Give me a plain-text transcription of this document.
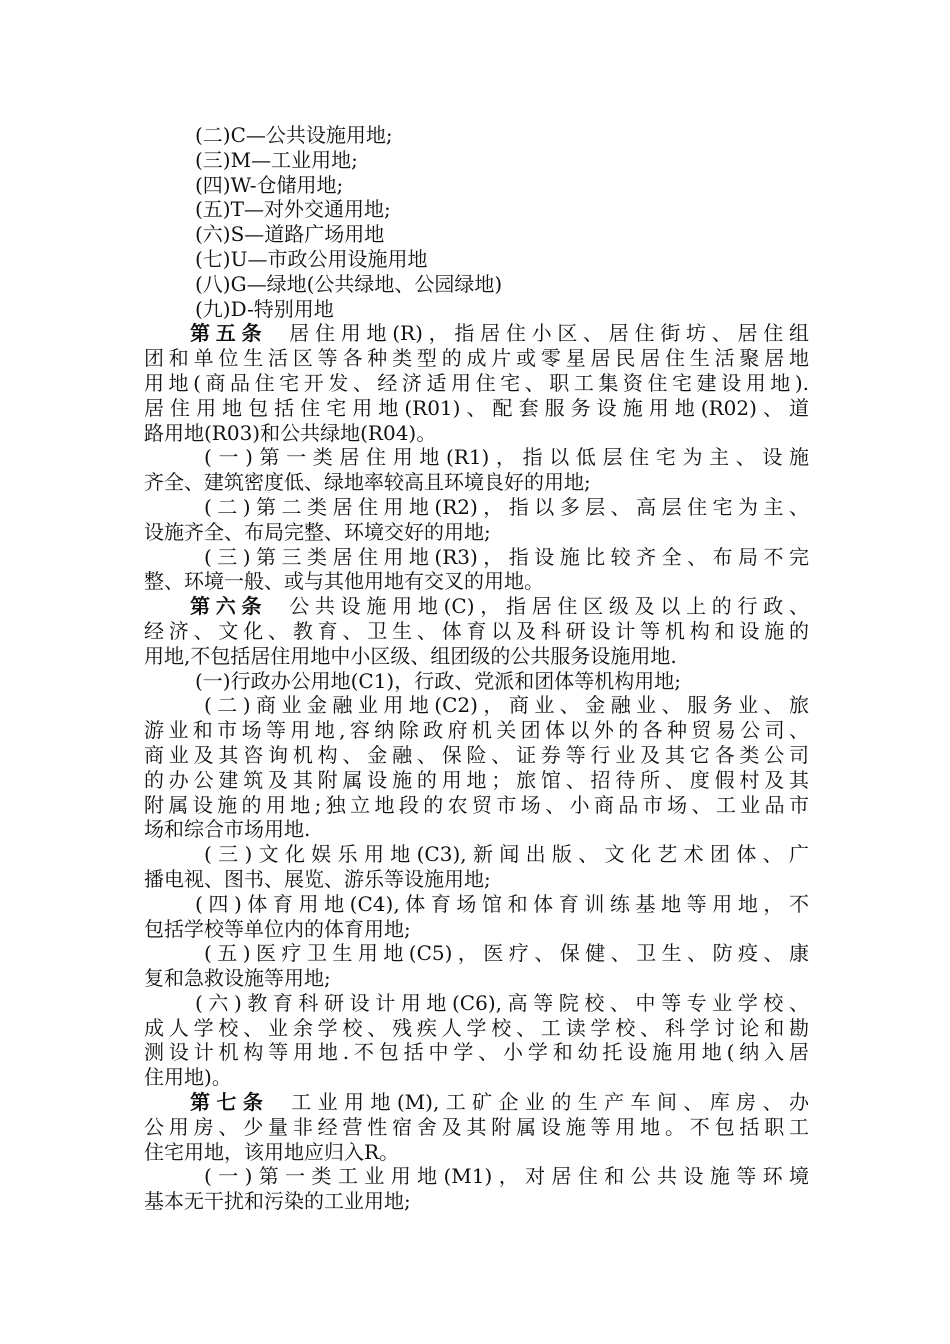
(二)C—公共设施用地;
(三)M—工业用地;
(四)W-仓储用地;
(五)T—对外交通用地;
(六)S—道路广场用地
(七)U—市政公用设施用地
(八)G—绿地(公共绿地、公园绿地)
(九)D-特别用地
第五条 居住用地(R)，指居住小区、居住街坊、居住组
团和单位生活区等各种类型的成片或零星居民居住生活聚居地
用地(商品住宅开发、经济适用住宅、职工集资住宅建设用地).
居住用地包括住宅用地(R01)、配套服务设施用地(R02)、道
路用地(R03)和公共绿地(R04)。
(一)第一类居住用地(R1)，指以低层住宅为主、设施
齐全、建筑密度低、绿地率较高且环境良好的用地;
(二)第二类居住用地(R2)，指以多层、高层住宅为主、
设施齐全、布局完整、环境交好的用地;
(三)第三类居住用地(R3)，指设施比较齐全、布局不完
整、环境一般、或与其他用地有交叉的用地。
第六条 公共设施用地(C)，指居住区级及以上的行政、
经济、文化、教育、卫生、体育以及科研设计等机构和设施的
用地,不包括居住用地中小区级、组团级的公共服务设施用地.
(一)行政办公用地(C1)，行政、党派和团体等机构用地;
(二)商业金融业用地(C2)，商业、金融业、服务业、旅
游业和市场等用地,容纳除政府机关团体以外的各种贸易公司、
商业及其咨询机构、金融、保险、证券等行业及其它各类公司
的办公建筑及其附属设施的用地；旅馆、招待所、度假村及其
附属设施的用地;独立地段的农贸市场、小商品市场、工业品市
场和综合市场用地.
(三)文化娱乐用地(C3),新闻出版、文化艺术团体、广
播电视、图书、展览、游乐等设施用地;
(四)体育用地(C4),体育场馆和体育训练基地等用地，不
包括学校等单位内的体育用地;
(五)医疗卫生用地(C5)，医疗、保健、卫生、防疫、康
复和急救设施等用地;
(六)教育科研设计用地(C6),高等院校、中等专业学校、
成人学校、业余学校、残疾人学校、工读学校、科学讨论和勘
测设计机构等用地.不包括中学、小学和幼托设施用地(纳入居
住用地)。
第七条 工业用地(M),工矿企业的生产车间、库房、办
公用房、少量非经营性宿舍及其附属设施等用地。不包括职工
住宅用地，该用地应归入R。
(一)第一类工业用地(M1)，对居住和公共设施等环境
基本无干扰和污染的工业用地;
